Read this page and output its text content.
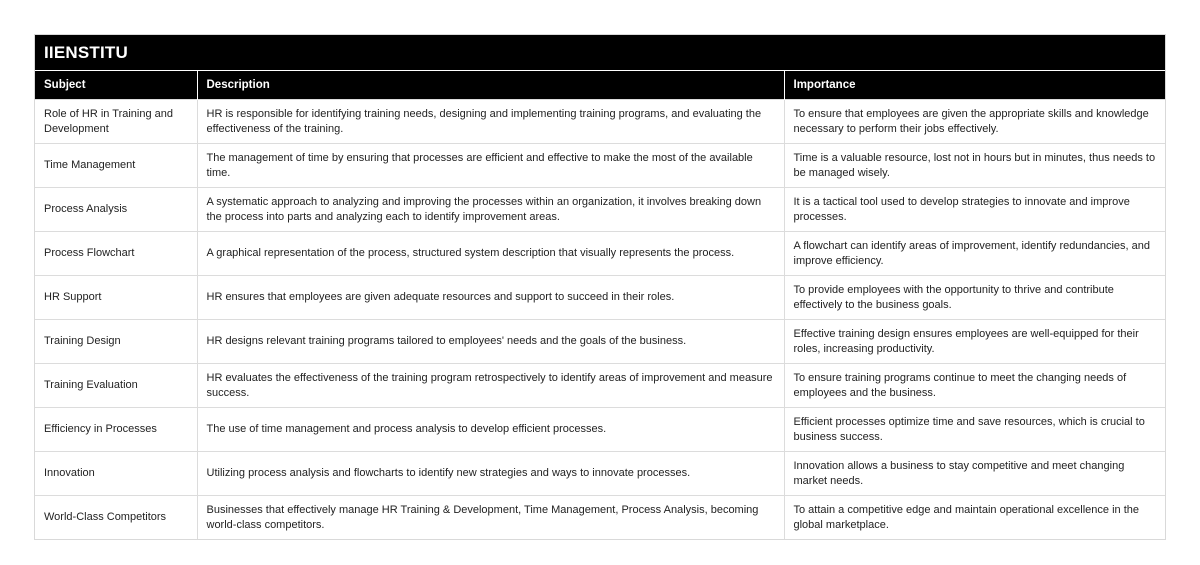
IIENSTITU
Subject	Description	Importance
Role of HR in Training and Development	HR is responsible for identifying training needs, designing and implementing training programs, and evaluating the effectiveness of the training.	To ensure that employees are given the appropriate skills and knowledge necessary to perform their jobs effectively.
Time Management	The management of time by ensuring that processes are efficient and effective to make the most of the available time.	Time is a valuable resource, lost not in hours but in minutes, thus needs to be managed wisely.
Process Analysis	A systematic approach to analyzing and improving the processes within an organization, it involves breaking down the process into parts and analyzing each to identify improvement areas.	It is a tactical tool used to develop strategies to innovate and improve processes.
Process Flowchart	A graphical representation of the process, structured system description that visually represents the process.	A flowchart can identify areas of improvement, identify redundancies, and improve efficiency.
HR Support	HR ensures that employees are given adequate resources and support to succeed in their roles.	To provide employees with the opportunity to thrive and contribute effectively to the business goals.
Training Design	HR designs relevant training programs tailored to employees' needs and the goals of the business.	Effective training design ensures employees are well-equipped for their roles, increasing productivity.
Training Evaluation	HR evaluates the effectiveness of the training program retrospectively to identify areas of improvement and measure success.	To ensure training programs continue to meet the changing needs of employees and the business.
Efficiency in Processes	The use of time management and process analysis to develop efficient processes.	Efficient processes optimize time and save resources, which is crucial to business success.
Innovation	Utilizing process analysis and flowcharts to identify new strategies and ways to innovate processes.	Innovation allows a business to stay competitive and meet changing market needs.
World-Class Competitors	Businesses that effectively manage HR Training & Development, Time Management, Process Analysis, becoming world-class competitors.	To attain a competitive edge and maintain operational excellence in the global marketplace.
